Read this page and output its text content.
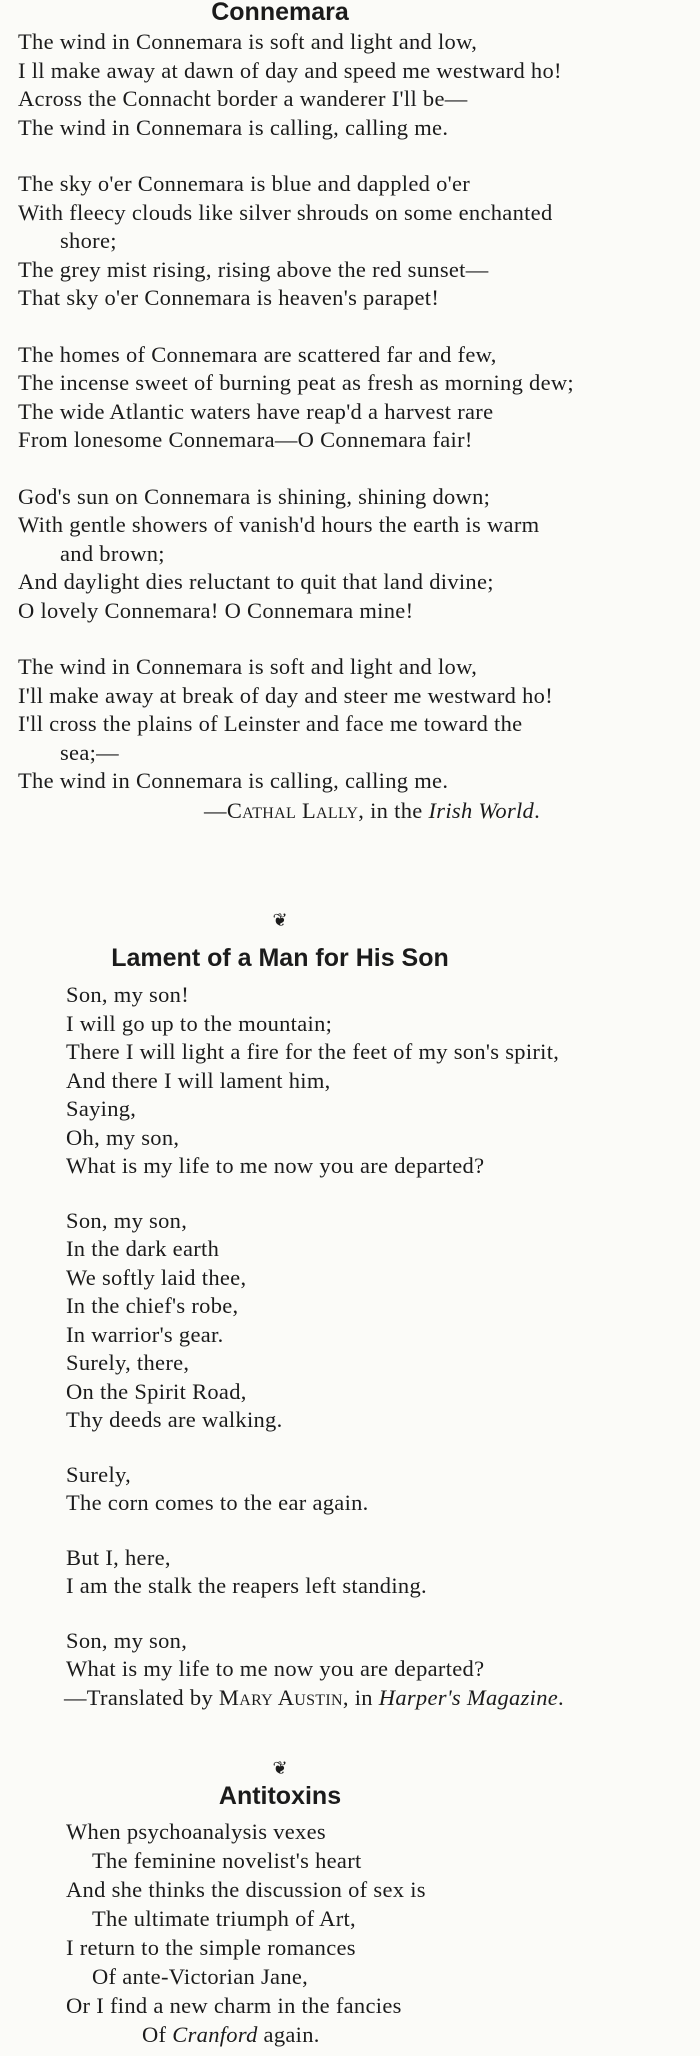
Connemara
The wind in Connemara is soft and light and low,
I ll make away at dawn of day and speed me westward ho!
Across the Connacht border a wanderer I'll be—
The wind in Connemara is calling, calling me.
The sky o'er Connemara is blue and dappled o'er
With fleecy clouds like silver shrouds on some enchanted
shore;
The grey mist rising, rising above the red sunset—
That sky o'er Connemara is heaven's parapet!
The homes of Connemara are scattered far and few,
The incense sweet of burning peat as fresh as morning dew;
The wide Atlantic waters have reap'd a harvest rare
From lonesome Connemara—O Connemara fair!
God's sun on Connemara is shining, shining down;
With gentle showers of vanish'd hours the earth is warm
and brown;
And daylight dies reluctant to quit that land divine;
O lovely Connemara! O Connemara mine!
The wind in Connemara is soft and light and low,
I'll make away at break of day and steer me westward ho!
I'll cross the plains of Leinster and face me toward the
sea;—
The wind in Connemara is calling, calling me.
—Cathal Lally, in the Irish World.
❦
Lament of a Man for His Son
Son, my son!
I will go up to the mountain;
There I will light a fire for the feet of my son's spirit,
And there I will lament him,
Saying,
Oh, my son,
What is my life to me now you are departed?
Son, my son,
In the dark earth
We softly laid thee,
In the chief's robe,
In warrior's gear.
Surely, there,
On the Spirit Road,
Thy deeds are walking.
Surely,
The corn comes to the ear again.
But I, here,
I am the stalk the reapers left standing.
Son, my son,
What is my life to me now you are departed?
—Translated by Mary Austin, in Harper's Magazine.
❦
Antitoxins
When psychoanalysis vexes
The feminine novelist's heart
And she thinks the discussion of sex is
The ultimate triumph of Art,
I return to the simple romances
Of ante-Victorian Jane,
Or I find a new charm in the fancies
Of Cranford again.
